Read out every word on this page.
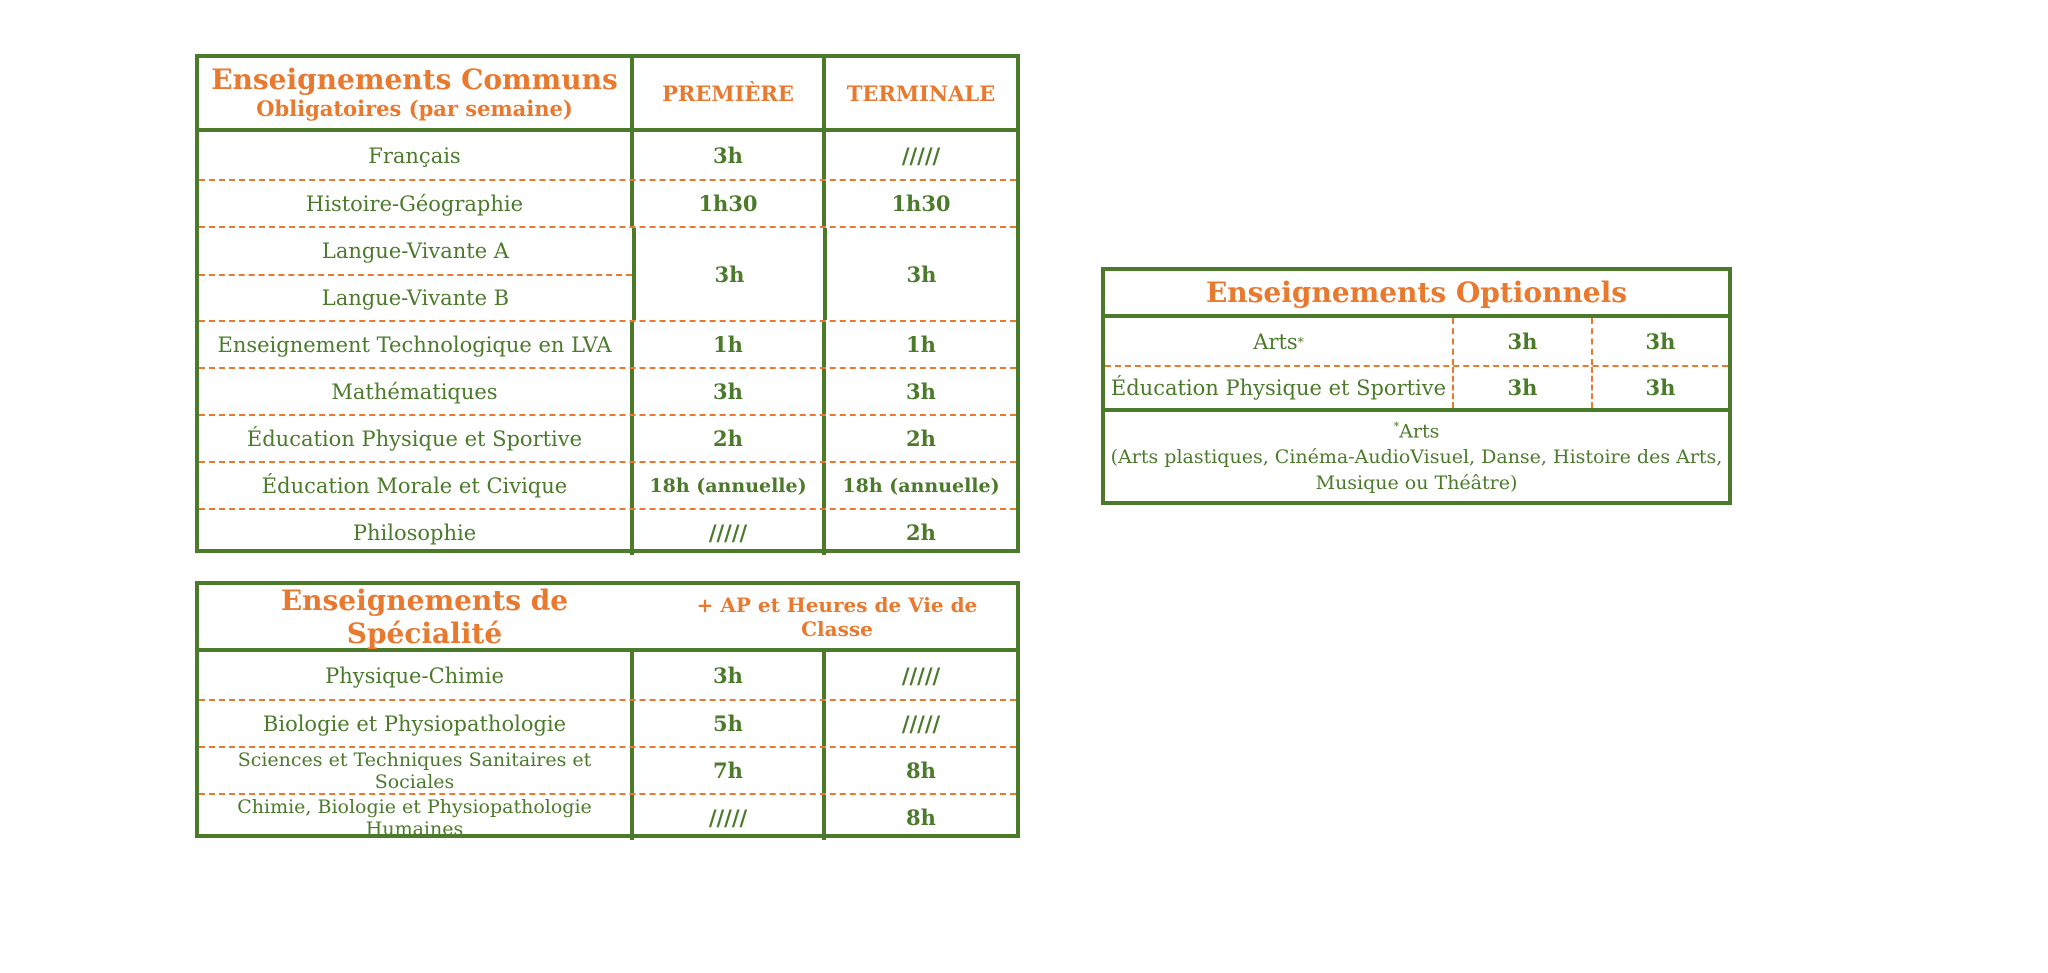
Enseignements Communs
Obligatoires (par semaine)
PREMIÈRE	TERMINALE
Français	3h	/////
Histoire-Géographie	1h30	1h30
Langue-Vivante A
Langue-Vivante B
3h	3h
Enseignement Technologique en LVA	1h	1h
Mathématiques	3h	3h
Éducation Physique et Sportive	2h	2h
Éducation Morale et Civique	18h (annuelle)	18h (annuelle)
Philosophie	/////	2h
Enseignements de Spécialité
+ AP et Heures de Vie de Classe
Physique-Chimie	3h	/////
Biologie et Physiopathologie	5h	/////
Sciences et Techniques Sanitaires et Sociales	7h	8h
Chimie, Biologie et Physiopathologie Humaines	/////	8h
Enseignements Optionnels
Arts *	3h	3h
Éducation Physique et Sportive	3h	3h
*Arts
(Arts plastiques, Cinéma-AudioVisuel, Danse, Histoire des Arts,
Musique ou Théâtre)
